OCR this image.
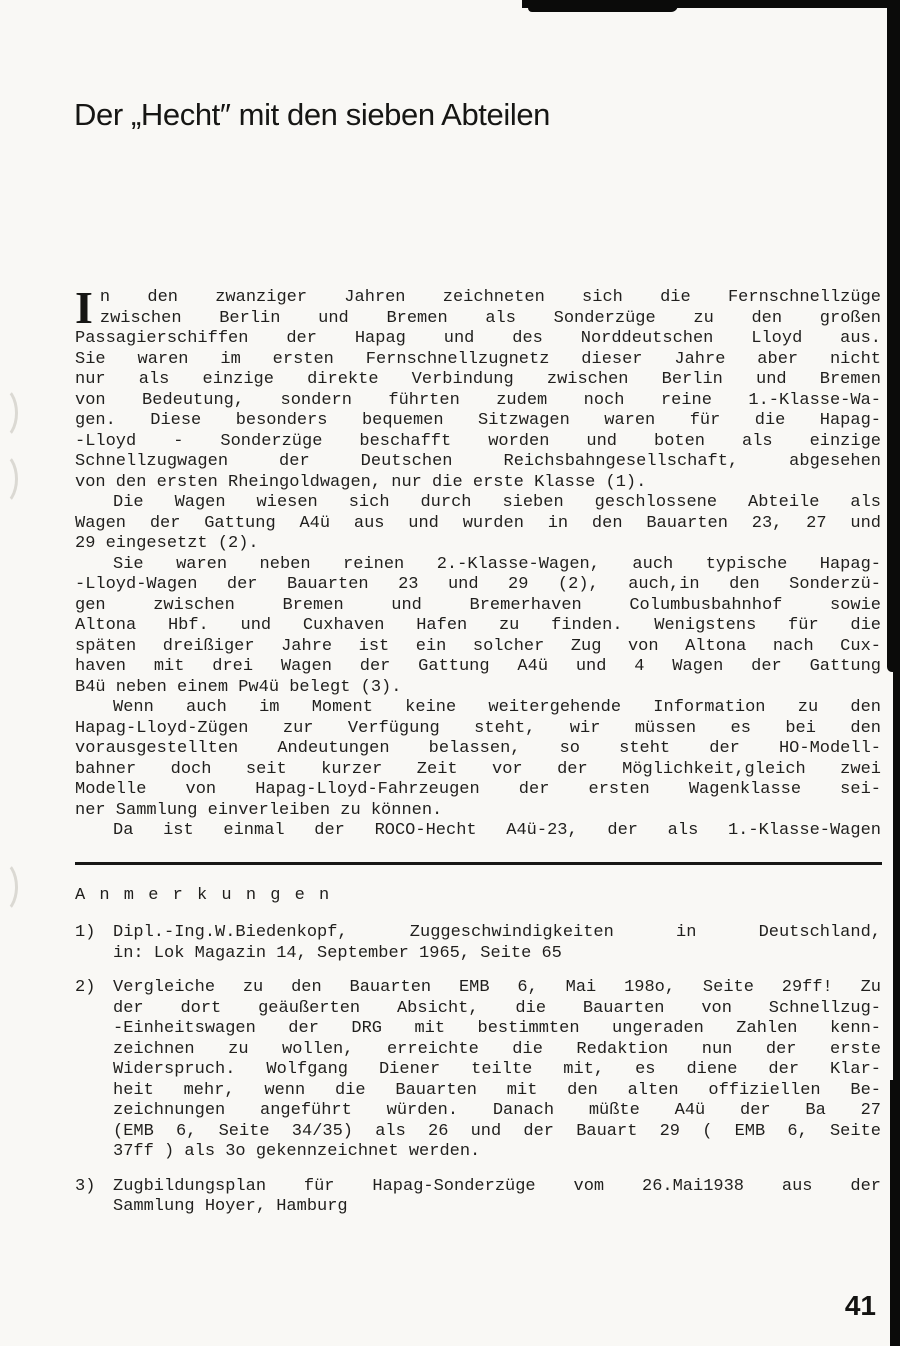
Der „Hecht″ mit den sieben Abteilen
I n den zwanziger Jahren zeichneten sich die Fernschnellzüge
zwischen Berlin und Bremen als Sonderzüge zu den großen
Passagierschiffen der Hapag und des Norddeutschen Lloyd aus.
Sie waren im ersten Fernschnellzugnetz dieser Jahre aber nicht
nur als einzige direkte Verbindung zwischen Berlin und Bremen
von Bedeutung, sondern führten zudem noch reine 1.-Klasse-Wa-
gen. Diese besonders bequemen Sitzwagen waren für die Hapag-
-Lloyd - Sonderzüge beschafft worden und boten als einzige
Schnellzugwagen der Deutschen Reichsbahngesellschaft, abgesehen
von den ersten Rheingoldwagen, nur die erste Klasse (1).
Die Wagen wiesen sich durch sieben geschlossene Abteile als
Wagen der Gattung A4ü aus und wurden in den Bauarten 23, 27 und
29 eingesetzt (2).
Sie waren neben reinen 2.-Klasse-Wagen, auch typische Hapag-
-Lloyd-Wagen der Bauarten 23 und 29 (2), auch,in den Sonderzü-
gen zwischen Bremen und Bremerhaven Columbusbahnhof sowie
Altona Hbf. und Cuxhaven Hafen zu finden. Wenigstens für die
späten dreißiger Jahre ist ein solcher Zug von Altona nach Cux-
haven mit drei Wagen der Gattung A4ü und 4 Wagen der Gattung
B4ü neben einem Pw4ü belegt (3).
Wenn auch im Moment keine weitergehende Information zu den
Hapag-Lloyd-Zügen zur Verfügung steht, wir müssen es bei den
vorausgestellten Andeutungen belassen, so steht der HO-Modell-
bahner doch seit kurzer Zeit vor der Möglichkeit,gleich zwei
Modelle von Hapag-Lloyd-Fahrzeugen der ersten Wagenklasse sei-
ner Sammlung einverleiben zu können.
Da ist einmal der ROCO-Hecht A4ü-23, der als 1.-Klasse-Wagen
A n m e r k u n g e n
1)	Dipl.-Ing.W.Biedenkopf, Zuggeschwindigkeiten in Deutschland,
in: Lok Magazin 14, September 1965, Seite 65
2)	Vergleiche zu den Bauarten EMB 6, Mai 198o, Seite 29ff! Zu
der dort geäußerten Absicht, die Bauarten von Schnellzug-
-Einheitswagen der DRG mit bestimmten ungeraden Zahlen kenn-
zeichnen zu wollen, erreichte die Redaktion nun der erste
Widerspruch. Wolfgang Diener teilte mit, es diene der Klar-
heit mehr, wenn die Bauarten mit den alten offiziellen Be-
zeichnungen angeführt würden. Danach müßte A4ü der Ba 27
(EMB 6, Seite 34/35) als 26 und der Bauart 29 ( EMB 6, Seite
37ff ) als 3o gekennzeichnet werden.
3)	Zugbildungsplan für Hapag-Sonderzüge vom 26.Mai1938 aus der
Sammlung Hoyer, Hamburg
41
